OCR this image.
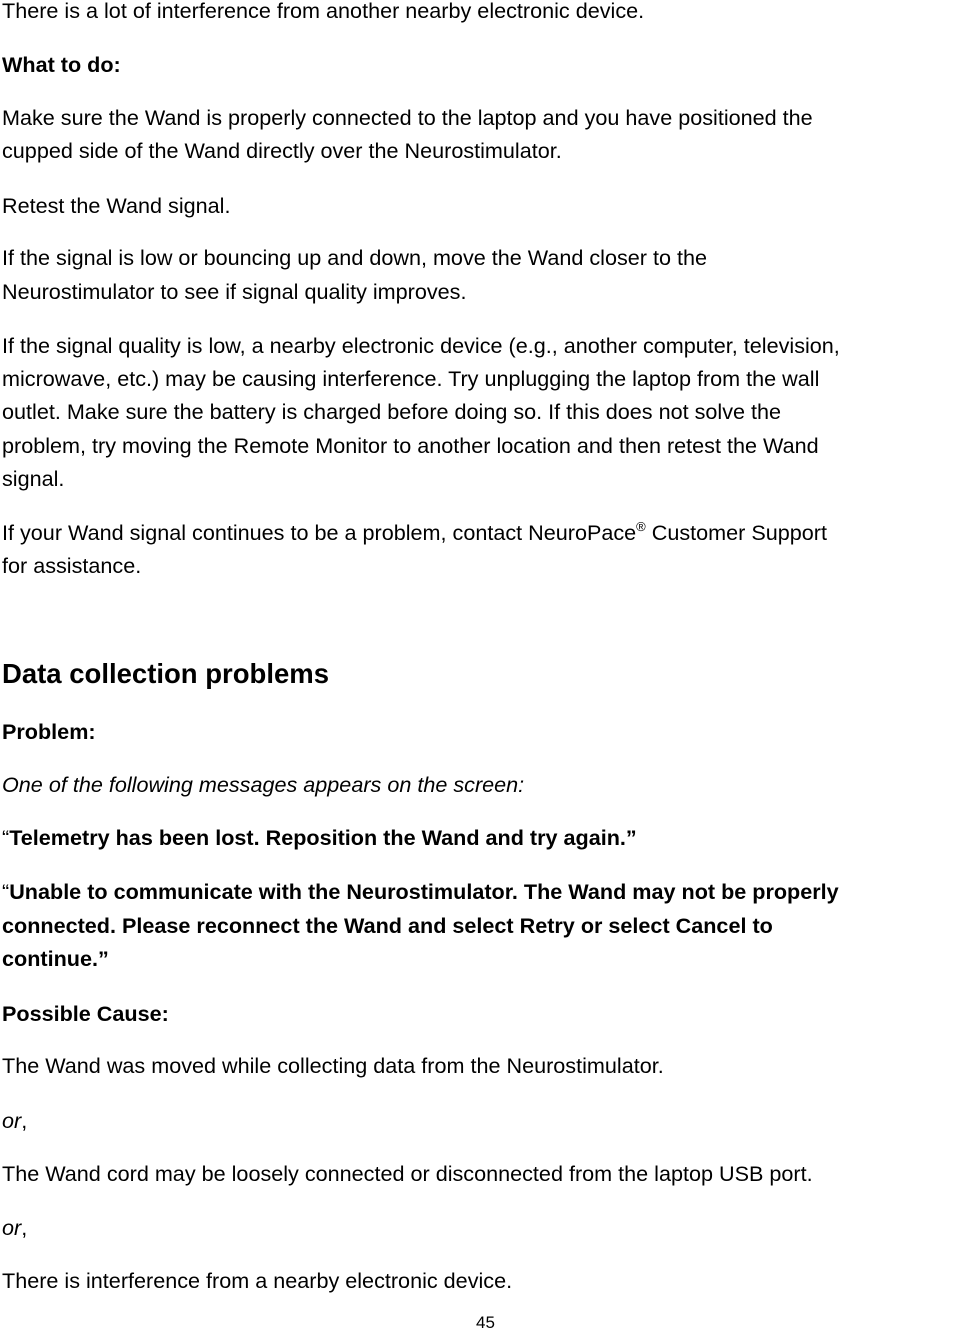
There is a lot of interference from another nearby electronic device.
What to do:
Make sure the Wand is properly connected to the laptop and you have positioned the
cupped side of the Wand directly over the Neurostimulator.
Retest the Wand signal.
If the signal is low or bouncing up and down, move the Wand closer to the
Neurostimulator to see if signal quality improves.
If the signal quality is low, a nearby electronic device (e.g., another computer, television,
microwave, etc.) may be causing interference. Try unplugging the laptop from the wall
outlet. Make sure the battery is charged before doing so. If this does not solve the
problem, try moving the Remote Monitor to another location and then retest the Wand
signal.
If your Wand signal continues to be a problem, contact NeuroPace® Customer Support
for assistance.
Data collection problems
Problem:
One of the following messages appears on the screen:
“Telemetry has been lost. Reposition the Wand and try again.”
“Unable to communicate with the Neurostimulator. The Wand may not be properly
connected. Please reconnect the Wand and select Retry or select Cancel to
continue.”
Possible Cause:
The Wand was moved while collecting data from the Neurostimulator.
or,
The Wand cord may be loosely connected or disconnected from the laptop USB port.
or,
There is interference from a nearby electronic device.
45
